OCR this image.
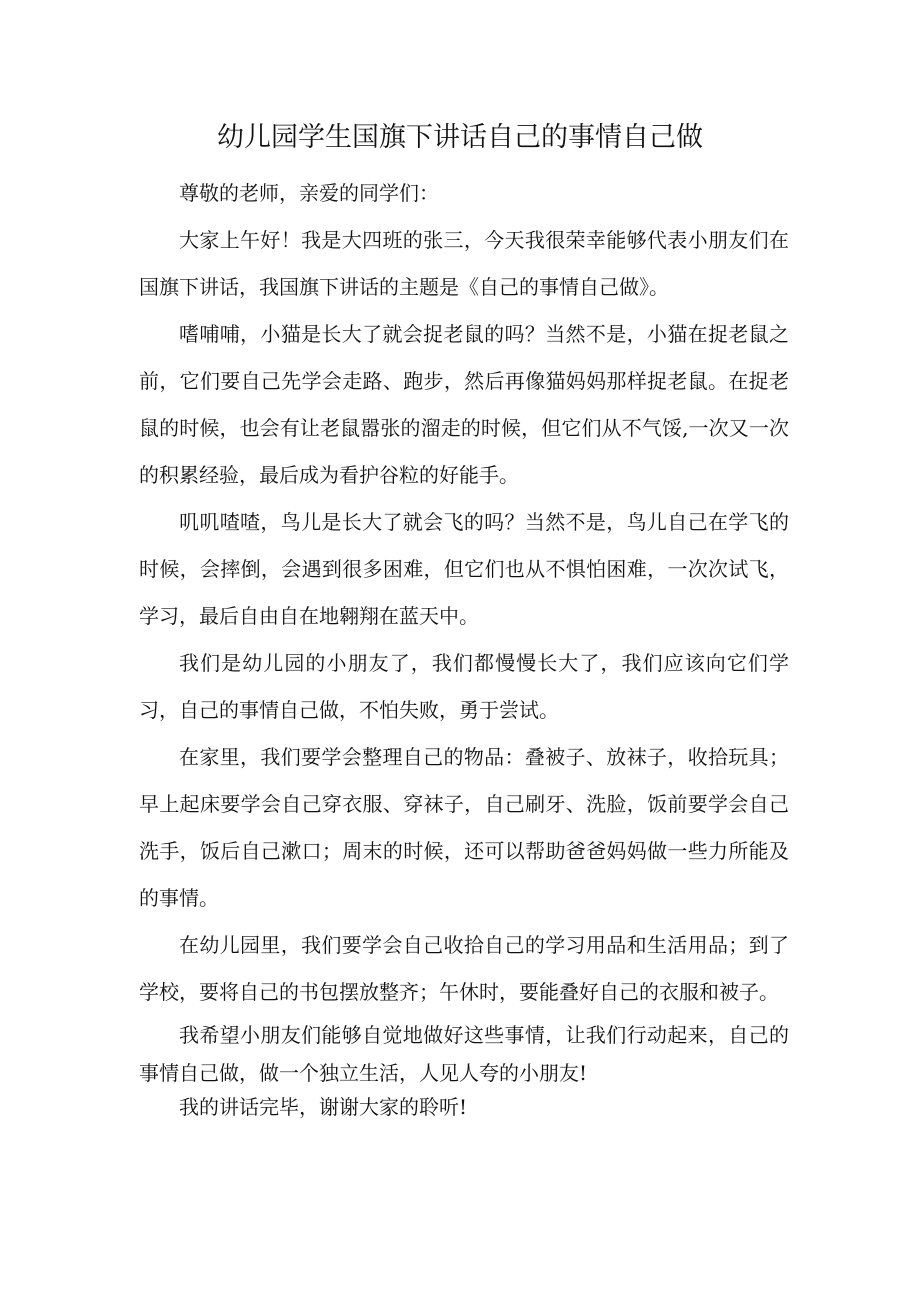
幼儿园学生国旗下讲话自己的事情自己做

尊敬的老师，亲爱的同学们：

大家上午好！我是大四班的张三，今天我很荣幸能够代表小朋友们在国旗下讲话，我国旗下讲话的主题是《自己的事情自己做》。

嗜哺哺，小猫是长大了就会捉老鼠的吗？当然不是，小猫在捉老鼠之前，它们要自己先学会走路、跑步，然后再像猫妈妈那样捉老鼠。在捉老鼠的时候，也会有让老鼠嚣张的溜走的时候，但它们从不气馁,一次又一次的积累经验，最后成为看护谷粒的好能手。

叽叽喳喳，鸟儿是长大了就会飞的吗？当然不是，鸟儿自己在学飞的时候，会摔倒，会遇到很多困难，但它们也从不惧怕困难，一次次试飞，学习，最后自由自在地翱翔在蓝天中。

我们是幼儿园的小朋友了，我们都慢慢长大了，我们应该向它们学习，自己的事情自己做，不怕失败，勇于尝试。

在家里，我们要学会整理自己的物品：叠被子、放袜子，收拾玩具；早上起床要学会自己穿衣服、穿袜子，自己刷牙、洗脸，饭前要学会自己洗手，饭后自己漱口；周末的时候，还可以帮助爸爸妈妈做一些力所能及的事情。

在幼儿园里，我们要学会自己收拾自己的学习用品和生活用品；到了学校，要将自己的书包摆放整齐；午休时，要能叠好自己的衣服和被子。

我希望小朋友们能够自觉地做好这些事情，让我们行动起来，自己的事情自己做，做一个独立生活，人见人夸的小朋友!

我的讲话完毕，谢谢大家的聆听!
